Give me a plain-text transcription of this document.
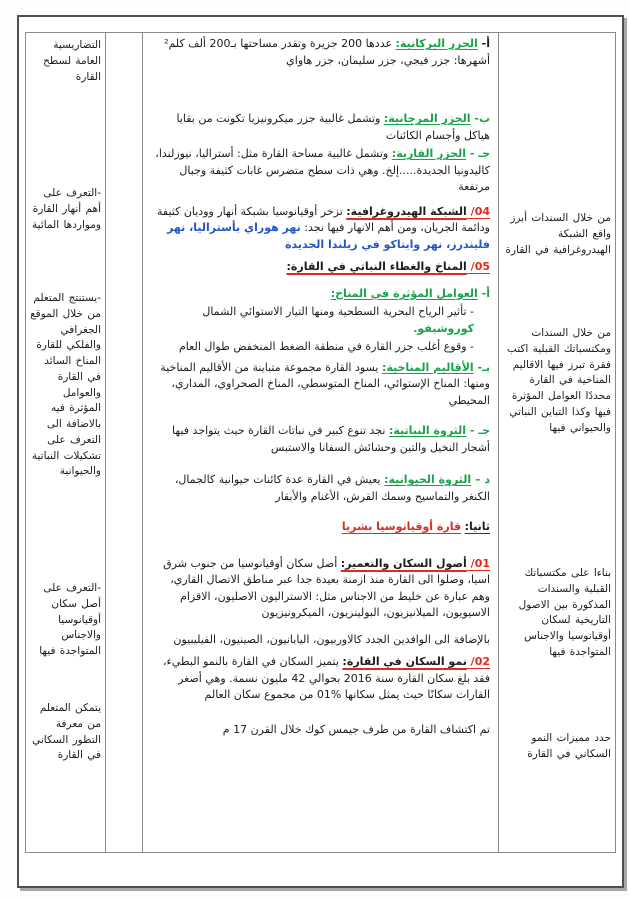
من خلال السندات أبرز واقع الشبكة الهيدروغرافية في القارة
من خلال السندات ومكتسباتك القبلية اكتب فقرة تبرز فيها الاقاليم المناخية في القارة محددًا العوامل المؤثرة فيها وكذا التباين النباتي والحيواني فيها
بناءا على مكتسباتك القبلية والسندات المذكورة بين الاصول التاريخية لسكان أوقيانوسيا والاجناس المتواجدة فيها
حدد مميزات النمو السكاني في القارة

أ- الجزر البركانية: عددها 200 جزيرة وتقدر مساحتها بـ200 ألف كلم² أشهرها: جزر فيجي، جزر سليمان، جزر هاواي

ب- الجزر المرجانية: وتشمل غالبية جزر ميكرونيزيا تكونت من بقايا هياكل وأجسام الكائنات

جـ - الجزر القارية: وتشمل غالبية مساحة القارة مثل: أستراليا، نيوزلندا، كاليدونيا الجديدة.....إلخ. وهي ذات سطح متضرس غابات كثيفة وجبال مرتفعة

04/ الشبكة الهيدروغرافية: تزخر أوقيانوسيا بشبكة أنهار ووديان كثيفة ودائمة الجريان، ومن أهم الانهار فيها نجد: نهر هوراي بأستراليا، نهر فليندرز، نهر وايتاكو في زيلندا الجديدة

05/ المناخ والغطاء النباتي في القارة:

أ- العوامل المؤثرة في المناخ:

- تأثير الرياح البحرية السطحية ومنها التيار الاستوائي الشمال كوروشيفو.

- وقوع أغلب جزر القارة في منطقة الضغط المنخفض طوال العام

بـ- الأقاليم المناخية: يسود القارة مجموعة متباينة من الأقاليم المناخية ومنها: المناخ الإستوائي، المناخ المتوسطي، المناخ الصحراوي، المداري، المحيطي

جـ - الثروة النباتية: نجد تنوع كبير في نباتات القارة حيث يتواجد فيها أشجار النخيل والتين وحشائش السفانا والاستبس

د – الثروة الحيوانية: يعيش في القارة عدة كائنات حيوانية كالجمال، الكنغر والتماسيح وسمك القرش، الأغنام والأبقار

ثانيا: قارة أوقيانوسيا بشريا

01/ أصول السكان والتعمير: أصل سكان أوقيانوسيا من جنوب شرق اسيا، وصلوا الى القارة منذ ازمنة بعيدة جدا عبر مناطق الاتصال القاري، وهم عبارة عن خليط من الاجناس مثل: الاستراليون الاصليون، الاقزام الاسيويون، الميلانيزيون، البولينزيون، الميكرونيزيون

بالإضافة الى الوافدين الجدد كالاوربيون، اليابانيون، الصينيون، الفيليبيون

02/ نمو السكان في القارة: يتميز السكان في القارة بالنمو البطيء، فقد بلغ سكان القارة سنة 2016 بحوالي 42 مليون نسمة. وهي أصغر القارات سكانًا حيث يمثل سكانها %01 من مجموع سكان العالم

تم اكتشاف القارة من طرف جيمس كوك خلال القرن 17 م

التضاريسية العامة لسطح القارة
-التعرف على أهم أنهار القارة ومواردها المائية
-يستنتج المتعلم من خلال الموقع الجغرافي والفلكي للقارة المناخ السائد في القارة والعوامل المؤثرة فيه بالاضافة الى التعرف على تشكيلات النباتية والحيوانية
-التعرف على أصل سكان أوقيانوسيا والاجناس المتواجدة فيها
يتمكن المتعلم من معرفة التطور السكاني في القارة
